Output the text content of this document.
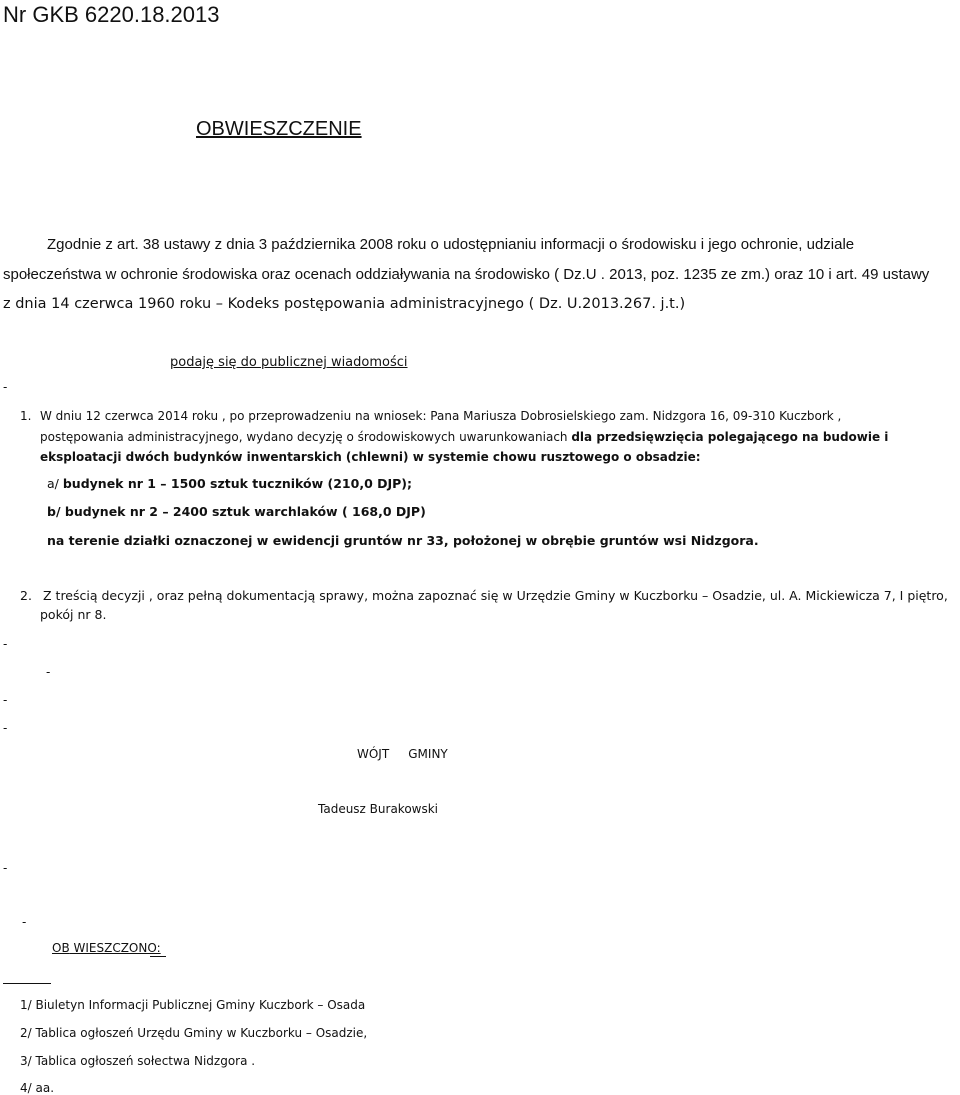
Nr GKB 6220.18.2013
OBWIESZCZENIE
Zgodnie z art. 38 ustawy z dnia 3 października 2008 roku o udostępnianiu informacji o środowisku i jego ochronie, udziale
społeczeństwa w ochronie środowiska oraz ocenach oddziaływania na środowisko ( Dz.U . 2013, poz. 1235 ze zm.) oraz 10 i art. 49 ustawy
z dnia 14 czerwca 1960 roku – Kodeks postępowania administracyjnego ( Dz. U.2013.267. j.t.)
podaję się do publicznej wiadomości
-
1. W dniu 12 czerwca 2014 roku , po przeprowadzeniu na wniosek: Pana Mariusza Dobrosielskiego zam. Nidzgora 16, 09-310 Kuczbork ,
postępowania administracyjnego, wydano decyzję o środowiskowych uwarunkowaniach dla przedsięwzięcia polegającego na budowie i
eksploatacji dwóch budynków inwentarskich (chlewni) w systemie chowu rusztowego o obsadzie:
a/ budynek nr 1 – 1500 sztuk tuczników (210,0 DJP);
b/ budynek nr 2 – 2400 sztuk warchlaków ( 168,0 DJP)
na terenie działki oznaczonej w ewidencji gruntów nr 33, położonej w obrębie gruntów wsi Nidzgora.
2. Z treścią decyzji , oraz pełną dokumentacją sprawy, można zapoznać się w Urzędzie Gminy w Kuczborku – Osadzie, ul. A. Mickiewicza 7, I piętro,
pokój nr 8.
-
-
-
-
WÓJT     GMINY
Tadeusz Burakowski
-
-
OB WIESZCZONO:
1/ Biuletyn Informacji Publicznej Gminy Kuczbork – Osada
2/ Tablica ogłoszeń Urzędu Gminy w Kuczborku – Osadzie,
3/ Tablica ogłoszeń sołectwa Nidzgora .
4/ aa.
